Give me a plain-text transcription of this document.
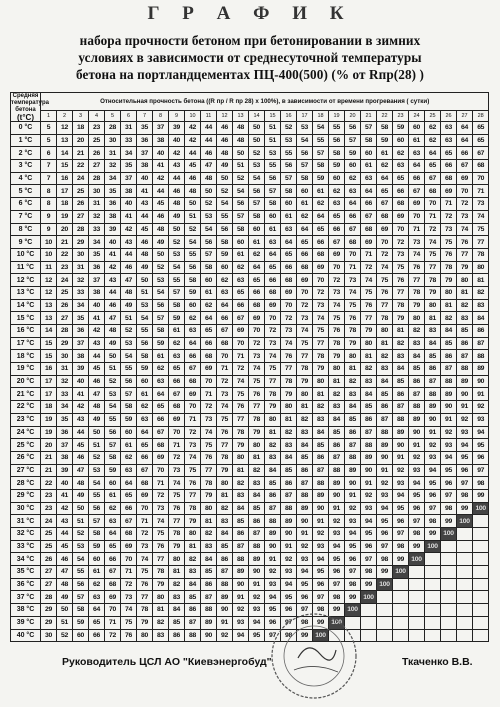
Г Р А Ф И К
набора прочности бетоном при бетонировании в зимних
условиях в зависимости от среднесуточной температуры
бетона на портландцементах ПЦ-400(500) (% от Rпр(28) )
Средняя температура бетона
(t°C)	Относительная прочность бетона ((R пр / R пр 28) x 100%), в зависимости от времени прогревания ( сутки)																											
	1	2	3	4	5	6	7	8	9	10	11	12	13	14	15	16	17	18	19	20	21	22	23	24	25	26	27	28
0 °C	5	12	18	23	28	31	35	37	39	42	44	46	48	50	51	52	53	54	55	56	57	58	59	60	62	63	64	65
1 °C	5	13	20	25	30	33	36	38	40	42	44	46	48	50	51	53	54	55	56	57	58	59	60	61	62	63	64	65
2 °C	6	14	21	26	31	34	37	40	42	44	46	48	50	52	53	55	56	57	58	59	60	61	62	63	64	65	66	67
3 °C	7	15	22	27	32	35	38	41	43	45	47	49	51	53	55	56	57	58	59	60	61	62	63	64	65	66	67	68
4 °C	7	16	24	28	34	37	40	42	44	46	48	50	52	54	56	57	58	59	60	62	63	64	65	66	67	68	69	70
5 °C	8	17	25	30	35	38	41	44	46	48	50	52	54	56	57	58	60	61	62	63	64	65	66	67	68	69	70	71
6 °C	8	18	26	31	36	40	43	45	48	50	52	54	56	57	58	60	61	62	63	64	66	67	68	69	70	71	72	73
7 °C	9	19	27	32	38	41	44	46	49	51	53	55	57	58	60	61	62	64	65	66	67	68	69	70	71	72	73	74
8 °C	9	20	28	33	39	42	45	48	50	52	54	56	58	60	61	63	64	65	66	67	68	69	70	71	72	73	74	75
9 °C	10	21	29	34	40	43	46	49	52	54	56	58	60	61	63	64	65	66	67	68	69	70	72	73	74	75	76	77
10 °C	10	22	30	35	41	44	48	50	53	55	57	59	61	62	64	65	66	68	69	70	71	72	73	74	75	76	77	78
11 °C	11	23	31	36	42	46	49	52	54	56	58	60	62	64	65	66	68	69	70	71	72	74	75	76	77	78	79	80
12 °C	12	24	32	37	43	47	50	53	55	58	60	62	63	65	66	68	69	70	72	73	74	75	76	77	78	79	80	81
13 °C	12	25	33	38	44	48	51	54	57	59	61	63	65	66	68	69	70	72	73	74	75	76	77	78	79	80	81	82
14 °C	13	26	34	40	46	49	53	56	58	60	62	64	66	68	69	70	72	73	74	75	76	77	78	79	80	81	82	83
15 °C	13	27	35	41	47	51	54	57	59	62	64	66	67	69	70	72	73	74	75	76	77	78	79	80	81	82	83	84
16 °C	14	28	36	42	48	52	55	58	61	63	65	67	69	70	72	73	74	75	76	78	79	80	81	82	83	84	85	86
17 °C	15	29	37	43	49	53	56	59	62	64	66	68	70	72	73	74	75	77	78	79	80	81	82	83	84	85	86	87
18 °C	15	30	38	44	50	54	58	61	63	66	68	70	71	73	74	76	77	78	79	80	81	82	83	84	85	86	87	88
19 °C	16	31	39	45	51	55	59	62	65	67	69	71	72	74	75	77	78	79	80	81	82	83	84	85	86	87	88	89
20 °C	17	32	40	46	52	56	60	63	66	68	70	72	74	75	77	78	79	80	81	82	83	84	85	86	87	88	89	90
21 °C	17	33	41	47	53	57	61	64	67	69	71	73	75	76	78	79	80	81	82	83	84	85	86	87	88	89	90	91
22 °C	18	34	42	48	54	58	62	65	68	70	72	74	76	77	79	80	81	82	83	84	85	86	87	88	89	90	91	92
23 °C	19	35	43	49	55	59	63	66	69	71	73	75	77	78	80	81	82	83	84	85	86	87	88	89	90	91	92	93
24 °C	19	36	44	50	56	60	64	67	70	72	74	76	78	79	81	82	83	84	85	86	87	88	89	90	91	92	93	94
25 °C	20	37	45	51	57	61	65	68	71	73	75	77	79	80	82	83	84	85	86	87	88	89	90	91	92	93	94	95
26 °C	21	38	46	52	58	62	66	69	72	74	76	78	80	81	83	84	85	86	87	88	89	90	91	92	93	94	95	96
27 °C	21	39	47	53	59	63	67	70	73	75	77	79	81	82	84	85	86	87	88	89	90	91	92	93	94	95	96	97
28 °C	22	40	48	54	60	64	68	71	74	76	78	80	82	83	85	86	87	88	89	90	91	92	93	94	95	96	97	98
29 °C	23	41	49	55	61	65	69	72	75	77	79	81	83	84	86	87	88	89	90	91	92	93	94	95	96	97	98	99
30 °C	23	42	50	56	62	66	70	73	76	78	80	82	84	85	87	88	89	90	91	92	93	94	95	96	97	98	99	100
31 °C	24	43	51	57	63	67	71	74	77	79	81	83	85	86	88	89	90	91	92	93	94	95	96	97	98	99	100	
32 °C	25	44	52	58	64	68	72	75	78	80	82	84	86	87	89	90	91	92	93	94	95	96	97	98	99	100		
33 °C	25	45	53	59	65	69	73	76	79	81	83	85	87	88	90	91	92	93	94	95	96	97	98	99	100			
34 °C	26	46	54	60	66	70	74	77	80	82	84	86	88	89	91	92	93	94	95	96	97	98	99	100				
35 °C	27	47	55	61	67	71	75	78	81	83	85	87	89	90	92	93	94	95	96	97	98	99	100					
36 °C	27	48	56	62	68	72	76	79	82	84	86	88	90	91	93	94	95	96	97	98	99	100						
37 °C	28	49	57	63	69	73	77	80	83	85	87	89	91	92	94	95	96	97	98	99	100							
38 °C	29	50	58	64	70	74	78	81	84	86	88	90	92	93	95	96	97	98	99	100								
39 °C	29	51	59	65	71	75	79	82	85	87	89	91	93	94	96	97	98	99	100									
40 °C	30	52	60	66	72	76	80	83	86	88	90	92	94	95	97	98	99	100										
Руководитель ЦСЛ АО "Киевэнергобуд"	Ткаченко В.В.
